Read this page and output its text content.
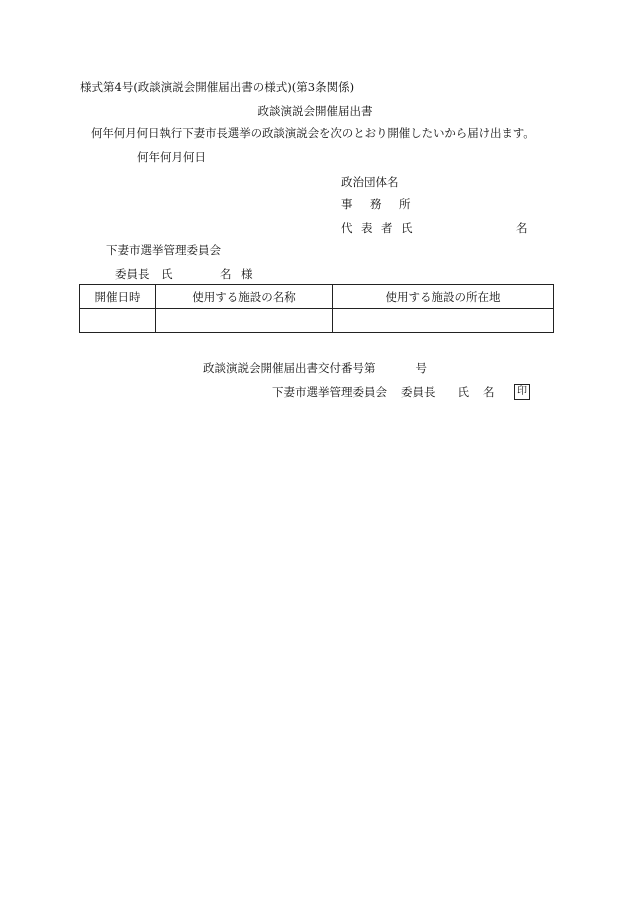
様式第4号(政談演説会開催届出書の様式)(第3条関係)
政談演説会開催届出書
何年何月何日執行下妻市長選挙の政談演説会を次のとおり開催したいから届け出ます。
何年何月何日
政治団体名
事 務 所
代 表 者 氏	名
下妻市選挙管理委員会
委員長　氏	名 様
開催日時	使用する施設の名称	使用する施設の所在地

政談演説会開催届出書交付番号第	号
下妻市選挙管理委員会 委員長 氏 名	印
